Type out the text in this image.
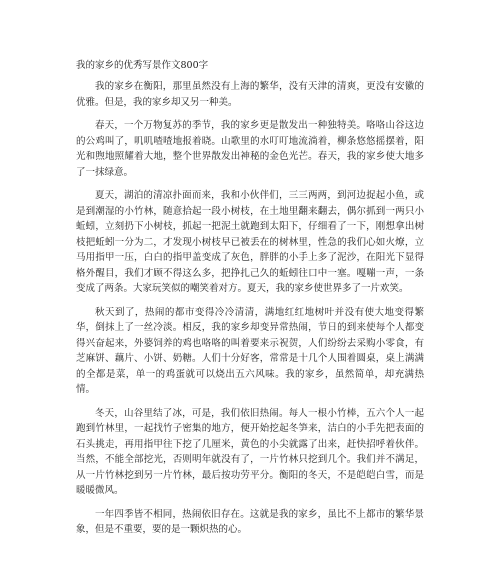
我的家乡的优秀写景作文800字

我的家乡在衡阳，那里虽然没有上海的繁华，没有天津的清爽，更没有安徽的优雅。但是，我的家乡却又另一种美。

春天，一个万物复苏的季节，我的家乡更是散发出一种独特美。咯咯山谷这边的公鸡叫了，叽叽喳喳地报着晓。山歌里的水叮叮地流淌着，柳条悠悠摇摆着，阳光和煦地照耀着大地，整个世界散发出神秘的金色光芒。春天，我的家乡使大地多了一抹绿意。

夏天，湖泊的清凉扑面而来，我和小伙伴们，三三两两，到河边捉起小鱼，或是到潮湿的小竹林，随意拾起一段小树枝，在土地里翻来翻去，偶尔抓到一两只小蚯蚓，立刻扔下小树枝，抓起一把泥土就跑到太阳下，仔细看了一下，刚想拿出树枝把蚯蚓一分为二，才发现小树枝早已被丢在的树林里，性急的我们心如火燎，立马用指甲一压，白白的指甲盖变成了灰色，胖胖的小手上多了泥沙，在阳光下显得格外醒目，我们才顾不得这么多，把挣扎己久的蚯蚓往口中一塞。嘎嘣一声，一条变成了两条。大家玩笑似的嘲笑着对方。夏天，我的家乡使世界多了一片欢笑。

秋天到了，热闹的都市变得冷冷清清，满地红红地树叶并没有使大地变得繁华，倒抹上了一丝冷淡。相反，我的家乡却变异常热闹，节日的到来使每个人都变得兴奋起来，外婆饲养的鸡也咯咯的叫着要来示祝贺，人们纷纷去采购小零食，有芝麻饼、藕片、小饼、奶糖。人们十分好客，常常是十几个人围着圆桌，桌上满满的全都是菜，单一的鸡蛋就可以烧出五六风味。我的家乡，虽然简单，却充满热情。

冬天，山谷里结了冰，可是，我们依旧热闹。每人一根小竹棒，五六个人一起跑到竹林里，一起找竹子密集的地方，便开始挖起冬笋来，洁白的小手先把表面的石头挑走，再用指甲往下挖了几厘米，黄色的小尖就露了出来，赶快招呼着伙伴。当然，不能全部挖光，否则明年就没有了，一片竹林只挖到几个。我们并不满足，从一片竹林挖到另一片竹林，最后按功劳平分。衡阳的冬天，不是皑皑白雪，而是暖暖微风。

一年四季皆不相同，热闹依旧存在。这就是我的家乡，虽比不上都市的繁华景象，但是不重要，要的是一颗炽热的心。
